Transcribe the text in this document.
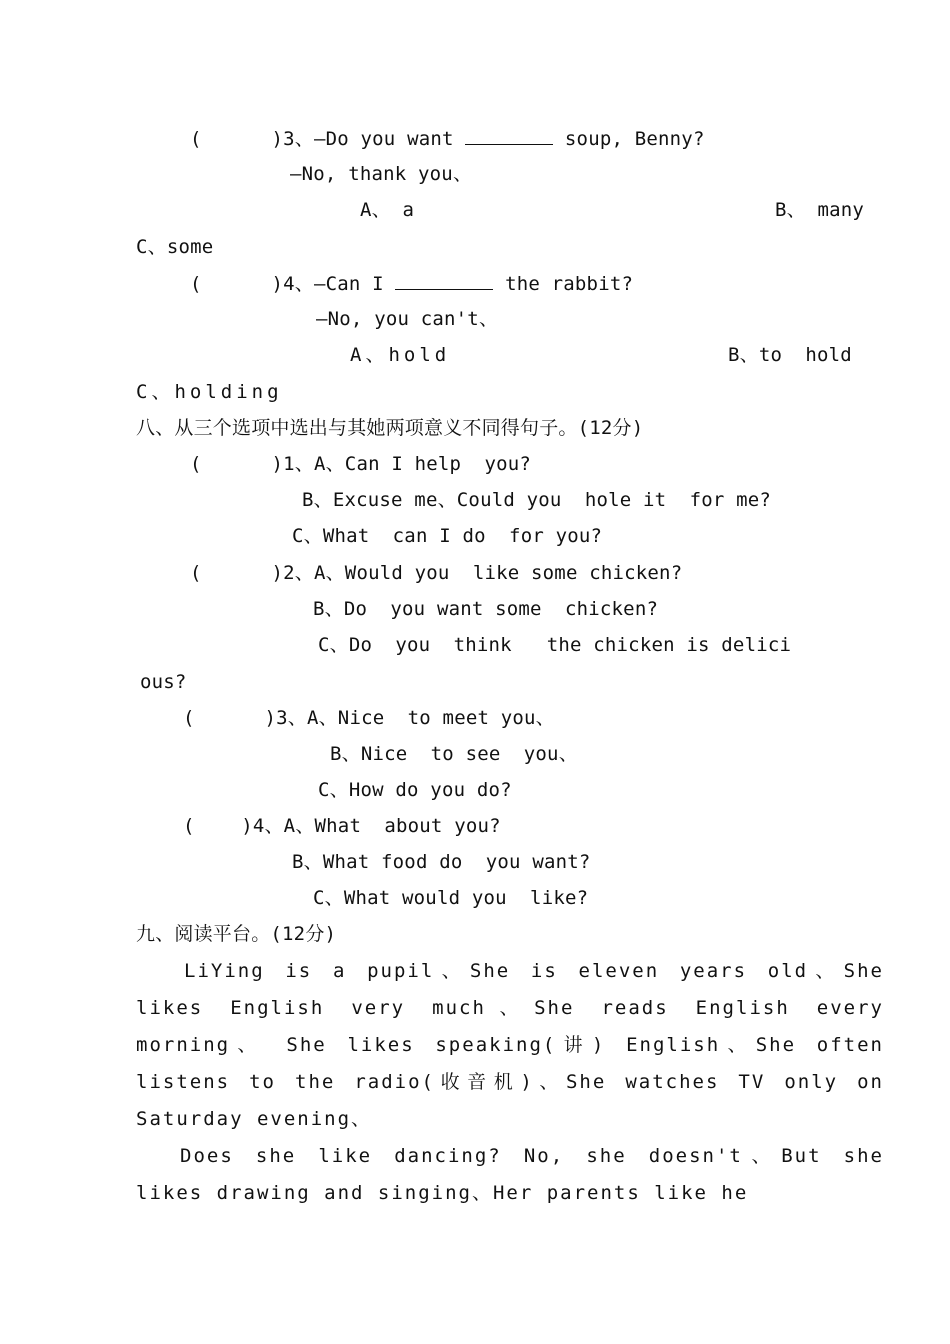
(      )3、—Do you want	soup, Benny?
—No, thank you、
A、 a	B、 many
C、some
(      )4、—Can I	the rabbit?
—No, you can't、
A、hold	B、to  hold
C、holding
八、从三个选项中选出与其她两项意义不同得句子。(12分)
(      )1、A、Can I help  you?
B、Excuse me、Could you  hole it  for me?
C、What  can I do  for you?
(      )2、A、Would you  like some chicken?
B、Do  you want some  chicken?
C、Do  you  think   the chicken is delici
ous?
(      )3、A、Nice  to meet you、
B、Nice  to see  you、
C、How do you do?
(    )4、A、What  about you?
B、What food do  you want?
C、What would you  like?
九、阅读平台。(12分)
LiYing is a pupil、She is eleven years old、She likes English very much、She reads English every morning、 She likes speaking(讲) English、She often listens to the radio(收音机)、She watches TV only on Saturday evening、
Does she like dancing? No, she doesn't、But she likes drawing and singing、Her parents like he
